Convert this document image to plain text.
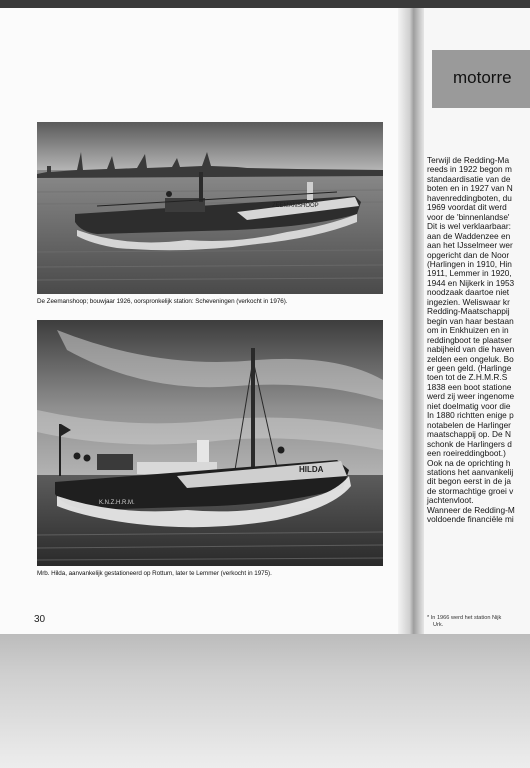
ZEEMANSHOOP
De Zeemanshoop; bouwjaar 1926, oorspronkelijk station: Scheveningen (verkocht in 1976).
HILDA
K.N.Z.H.R.M.
Mrb. Hilda, aanvankelijk gestationeerd op Rottum, later te Lemmer (verkocht in 1975).
30
motorre
Terwijl de Redding-Ma
reeds in 1922 begon m
standaardisatie van de
boten en in 1927 van N
havenreddingboten, du
1969 voordat dit werd
voor de 'binnenlandse'
Dit is wel verklaarbaar:
aan de Waddenzee en
aan het IJsselmeer wer
opgericht dan de Noor
(Harlingen in 1910, Hin
1911, Lemmer in 1920,
1944 en Nijkerk in 1953
noodzaak daartoe niet
ingezien. Weliswaar kr
Redding-Maatschappij
begin van haar bestaan
om in Enkhuizen en in
reddingboot te plaatser
nabijheid van die haven
zelden een ongeluk. Bo
er geen geld. (Harlinge
toen tot de Z.H.M.R.S
1838 een boot statione
werd zij weer ingenome
niet doelmatig voor die
In 1880 richtten enige p
notabelen de Harlinger
maatschappij op. De N
schonk de Harlingers d
een roeireddingboot.)
Ook na de oprichting h
stations het aanvankelij
dit begon eerst in de ja
de stormachtige groei v
jachtenvloot.
Wanneer de Redding-M
voldoende financiële mi
* In 1966 werd het station Nijk
Urk.
